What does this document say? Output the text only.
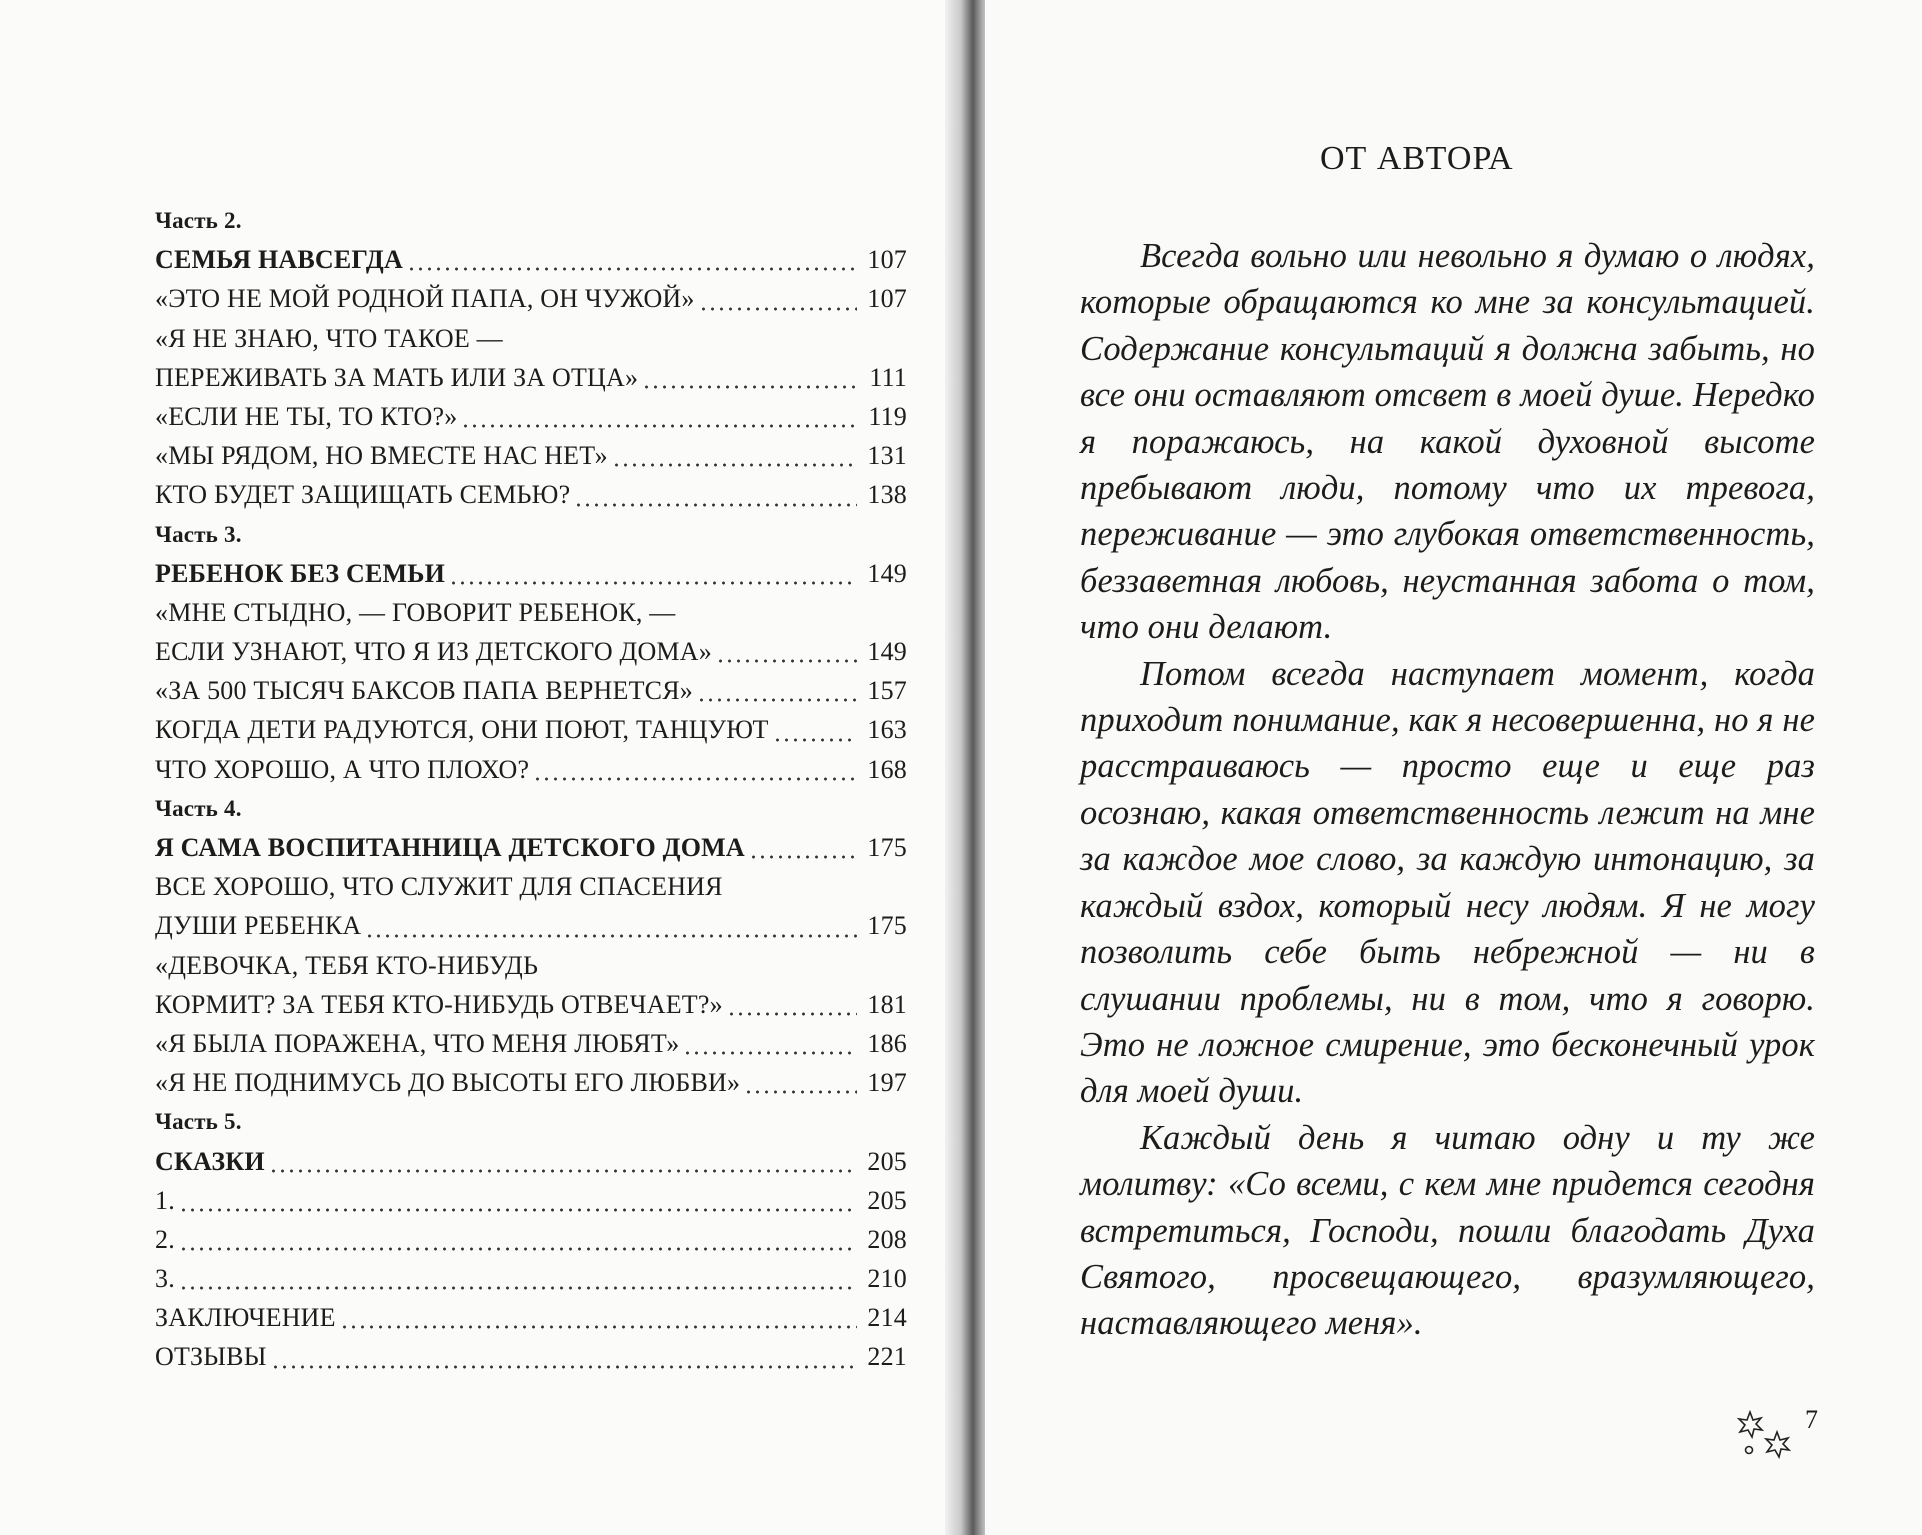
Часть 2.
СЕМЬЯ НАВСЕГДА	107
«ЭТО НЕ МОЙ РОДНОЙ ПАПА, ОН ЧУЖОЙ»	107
«Я НЕ ЗНАЮ, ЧТО ТАКОЕ —
ПЕРЕЖИВАТЬ ЗА МАТЬ ИЛИ ЗА ОТЦА»	111
«ЕСЛИ НЕ ТЫ, ТО КТО?»	119
«МЫ РЯДОМ, НО ВМЕСТЕ НАС НЕТ»	131
КТО БУДЕТ ЗАЩИЩАТЬ СЕМЬЮ?	138
Часть 3.
РЕБЕНОК БЕЗ СЕМЬИ	149
«МНЕ СТЫДНО, — ГОВОРИТ РЕБЕНОК, —
ЕСЛИ УЗНАЮТ, ЧТО Я ИЗ ДЕТСКОГО ДОМА»	149
«ЗА 500 ТЫСЯЧ БАКСОВ ПАПА ВЕРНЕТСЯ»	157
КОГДА ДЕТИ РАДУЮТСЯ, ОНИ ПОЮТ, ТАНЦУЮТ	163
ЧТО ХОРОШО, А ЧТО ПЛОХО?	168
Часть 4.
Я САМА ВОСПИТАННИЦА ДЕТСКОГО ДОМА	175
ВСЕ ХОРОШО, ЧТО СЛУЖИТ ДЛЯ СПАСЕНИЯ
ДУШИ РЕБЕНКА	175
«ДЕВОЧКА, ТЕБЯ КТО-НИБУДЬ
КОРМИТ? ЗА ТЕБЯ КТО-НИБУДЬ ОТВЕЧАЕТ?»	181
«Я БЫЛА ПОРАЖЕНА, ЧТО МЕНЯ ЛЮБЯТ»	186
«Я НЕ ПОДНИМУСЬ ДО ВЫСОТЫ ЕГО ЛЮБВИ»	197
Часть 5.
СКАЗКИ	205
1.	205
2.	208
3.	210
ЗАКЛЮЧЕНИЕ	214
ОТЗЫВЫ	221
ОТ АВТОРА

Всегда вольно или невольно я думаю о людях, которые обращаются ко мне за консультацией. Содержание консультаций я должна забыть, но все они оставляют отсвет в моей душе. Нередко я поражаюсь, на какой духовной высоте пребывают люди, потому что их тревога, переживание — это глубокая ответственность, беззаветная любовь, неустанная забота о том, что они делают.

Потом всегда наступает момент, когда приходит понимание, как я несовершенна, но я не расстраиваюсь — просто еще и еще раз осознаю, какая ответственность лежит на мне за каждое мое слово, за каждую интонацию, за каждый вздох, который несу людям. Я не могу позволить себе быть небрежной — ни в слушании проблемы, ни в том, что я говорю. Это не ложное смирение, это бесконечный урок для моей души.

Каждый день я читаю одну и ту же молитву: «Со всеми, с кем мне придется сегодня встретиться, Господи, пошли благодать Духа Святого, просвещающего, вразумляющего, наставляющего меня».

7
